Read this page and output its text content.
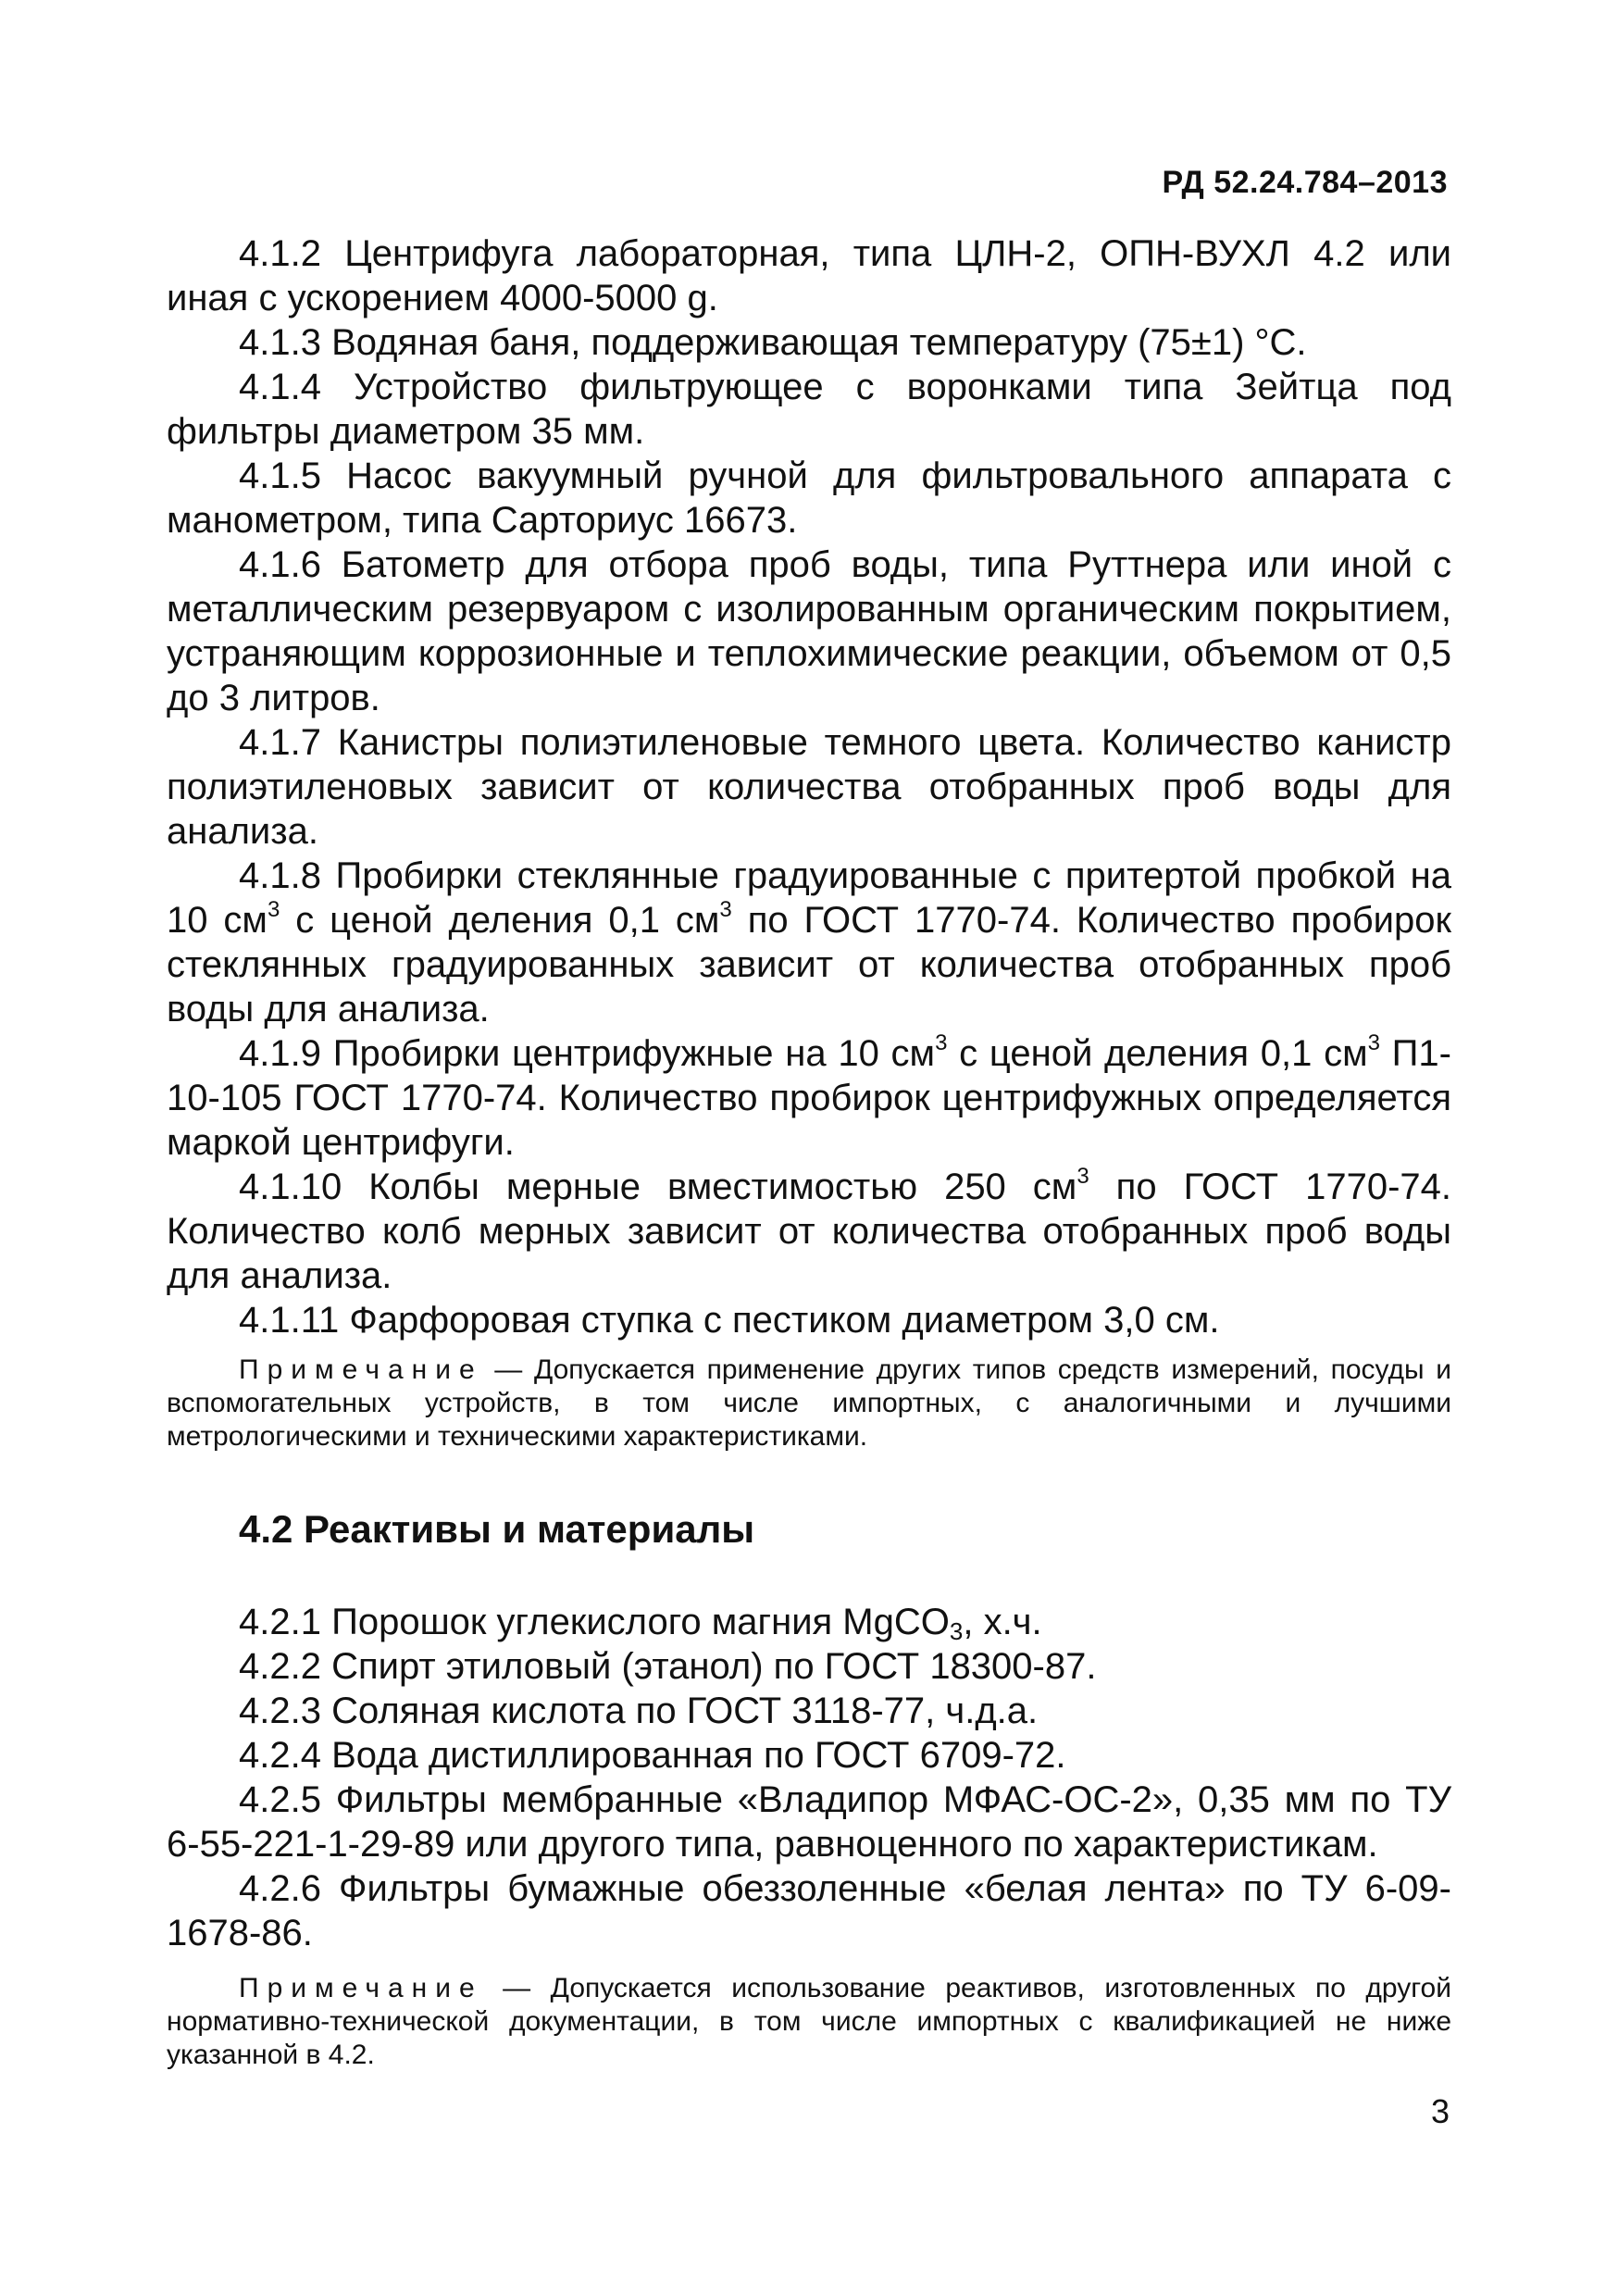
РД 52.24.784–2013

4.1.2 Центрифуга лабораторная, типа ЦЛН-2, ОПН-ВУХЛ 4.2 или иная с ускорением 4000-5000 g.

4.1.3 Водяная баня, поддерживающая температуру (75±1) °С.

4.1.4 Устройство фильтрующее с воронками типа Зейтца под фильтры диаметром 35 мм.

4.1.5 Насос вакуумный ручной для фильтровального аппарата с манометром, типа Сарториус 16673.

4.1.6 Батометр для отбора проб воды, типа Руттнера или иной с металлическим резервуаром с изолированным органическим покрытием, устраняющим коррозионные и теплохимические реакции, объемом от 0,5 до 3 литров.

4.1.7 Канистры полиэтиленовые темного цвета. Количество канистр полиэтиленовых зависит от количества отобранных проб воды для анализа.

4.1.8 Пробирки стеклянные градуированные с притертой пробкой на 10 $см^3$ с ценой деления 0,1 $см^3$ по ГОСТ 1770-74. Количество пробирок стеклянных градуированных зависит от количества отобранных проб воды для анализа.

4.1.9 Пробирки центрифужные на 10 $см^3$ с ценой деления 0,1 $см^3$ П1-10-105 ГОСТ 1770-74. Количество пробирок центрифужных определяется маркой центрифуги.

4.1.10 Колбы мерные вместимостью 250 $см^3$ по ГОСТ 1770-74. Количество колб мерных зависит от количества отобранных проб воды для анализа.

4.1.11 Фарфоровая ступка с пестиком диаметром 3,0 см.

Примечание — Допускается применение других типов средств измерений, посуды и вспомогательных устройств, в том числе импортных, с аналогичными и лучшими метрологическими и техническими характеристиками.

4.2 Реактивы и материалы

4.2.1 Порошок углекислого магния MgCO$_3$, х.ч.

4.2.2 Спирт этиловый (этанол) по ГОСТ 18300-87.

4.2.3 Соляная кислота по ГОСТ 3118-77, ч.д.а.

4.2.4 Вода дистиллированная по ГОСТ 6709-72.

4.2.5 Фильтры мембранные «Владипор МФАС-ОС-2», 0,35 мм по ТУ 6-55-221-1-29-89 или другого типа, равноценного по характеристикам.

4.2.6 Фильтры бумажные обеззоленные «белая лента» по ТУ 6-09-1678-86.

Примечание — Допускается использование реактивов, изготовленных по другой нормативно-технической документации, в том числе импортных с квалификацией не ниже указанной в 4.2.

3
